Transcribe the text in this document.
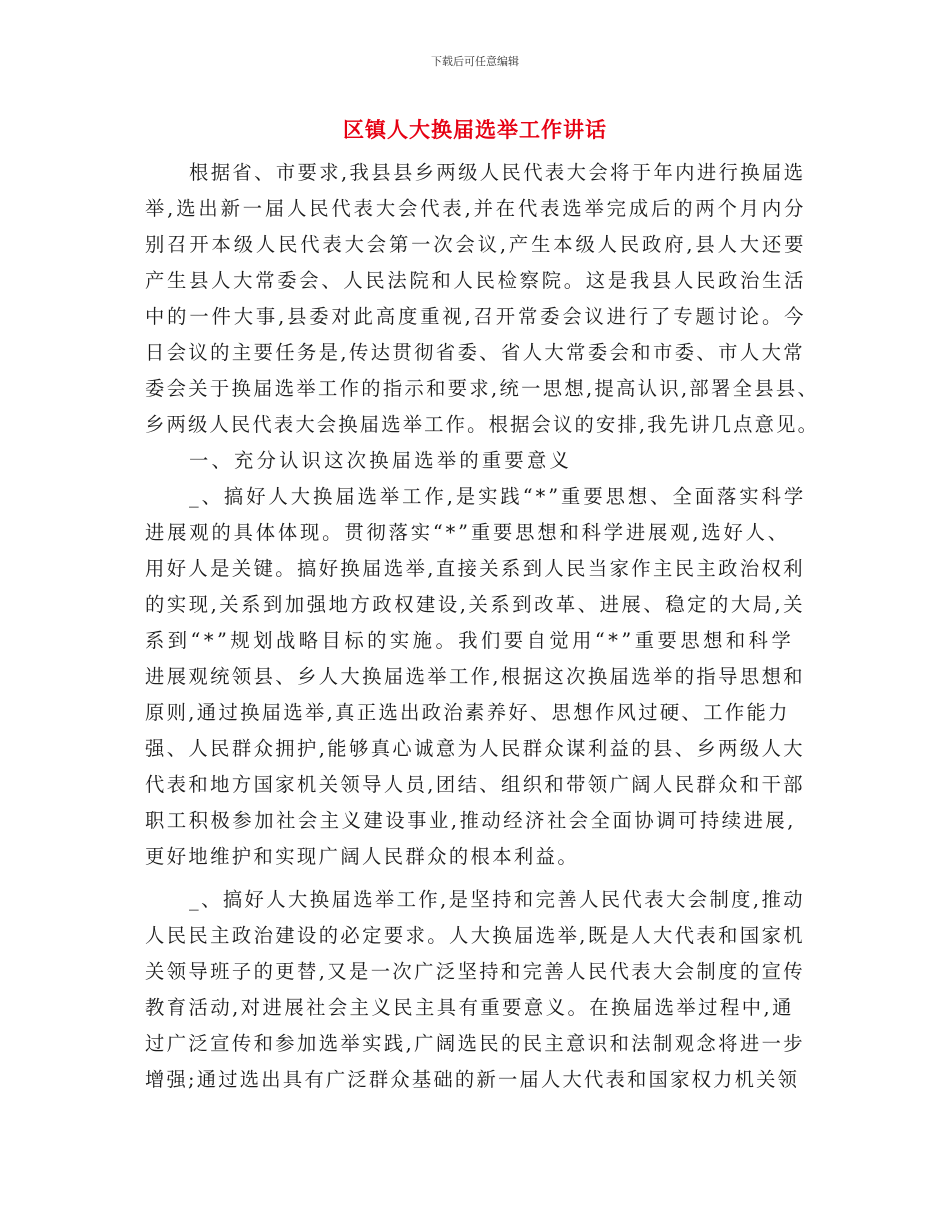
下载后可任意编辑
区镇人大换届选举工作讲话
根据省、市要求,我县县乡两级人民代表大会将于年内进行换届选
举,选出新一届人民代表大会代表,并在代表选举完成后的两个月内分
别召开本级人民代表大会第一次会议,产生本级人民政府,县人大还要
产生县人大常委会、人民法院和人民检察院。这是我县人民政治生活
中的一件大事,县委对此高度重视,召开常委会议进行了专题讨论。今
日会议的主要任务是,传达贯彻省委、省人大常委会和市委、市人大常
委会关于换届选举工作的指示和要求,统一思想,提高认识,部署全县县、
乡两级人民代表大会换届选举工作。根据会议的安排,我先讲几点意见。
一、充分认识这次换届选举的重要意义
_、搞好人大换届选举工作,是实践“*”重要思想、全面落实科学
进展观的具体体现。贯彻落实“*”重要思想和科学进展观,选好人、
用好人是关键。搞好换届选举,直接关系到人民当家作主民主政治权利
的实现,关系到加强地方政权建设,关系到改革、进展、稳定的大局,关
系到“*”规划战略目标的实施。我们要自觉用“*”重要思想和科学
进展观统领县、乡人大换届选举工作,根据这次换届选举的指导思想和
原则,通过换届选举,真正选出政治素养好、思想作风过硬、工作能力
强、人民群众拥护,能够真心诚意为人民群众谋利益的县、乡两级人大
代表和地方国家机关领导人员,团结、组织和带领广阔人民群众和干部
职工积极参加社会主义建设事业,推动经济社会全面协调可持续进展,
更好地维护和实现广阔人民群众的根本利益。
_、搞好人大换届选举工作,是坚持和完善人民代表大会制度,推动
人民民主政治建设的必定要求。人大换届选举,既是人大代表和国家机
关领导班子的更替,又是一次广泛坚持和完善人民代表大会制度的宣传
教育活动,对进展社会主义民主具有重要意义。在换届选举过程中,通
过广泛宣传和参加选举实践,广阔选民的民主意识和法制观念将进一步
增强;通过选出具有广泛群众基础的新一届人大代表和国家权力机关领
